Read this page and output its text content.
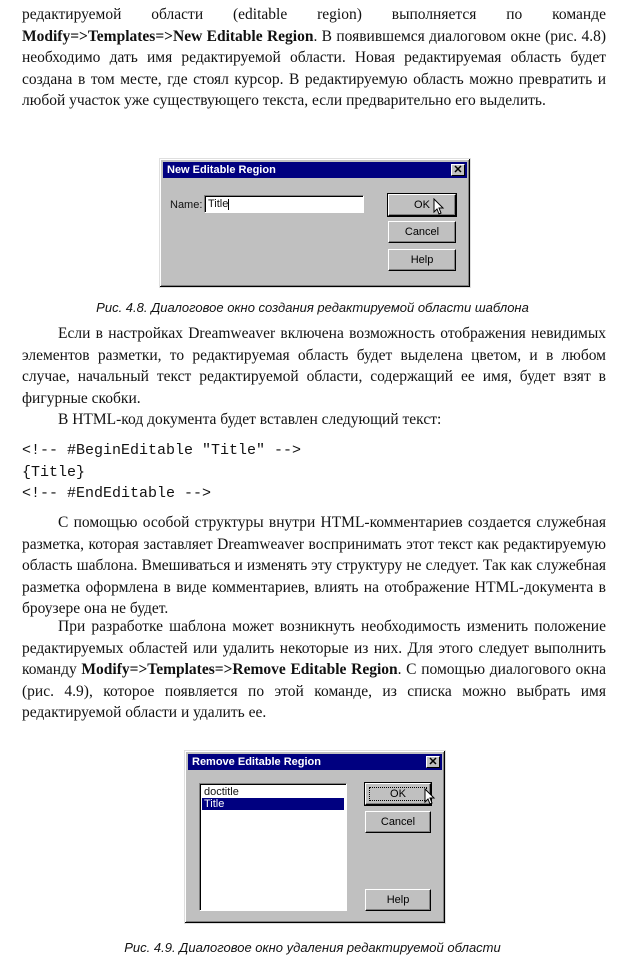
редактируемой области (editable region) выполняется по команде Modify=>Templates=>New Editable Region. В появившемся диалоговом окне (рис. 4.8) необходимо дать имя редактируемой области. Новая редактируемая область будет создана в том месте, где стоял курсор. В редактируемую область можно превратить и любой участок уже существующего текста, если предварительно его выделить.

New Editable Region	✕
Name: Title	OK
Cancel
Help
Рис. 4.8. Диалоговое окно создания редактируемой области шаблона

Если в настройках Dreamweaver включена возможность отображения невидимых элементов разметки, то редактируемая область будет выделена цветом, и в любом случае, начальный текст редактируемой области, содержащий ее имя, будет взят в фигурные скобки.

В HTML-код документа будет вставлен следующий текст:

<!-- #BeginEditable "Title" -->
{Title}
<!-- #EndEditable -->

С помощью особой структуры внутри HTML-комментариев создается служебная разметка, которая заставляет Dreamweaver воспринимать этот текст как редактируемую область шаблона. Вмешиваться и изменять эту структуру не следует. Так как служебная разметка оформлена в виде комментариев, влиять на отображение HTML-документа в броузере она не будет.

При разработке шаблона может возникнуть необходимость изменить положение редактируемых областей или удалить некоторые из них. Для этого следует выполнить команду Modify=>Templates=>Remove Editable Region. С помощью диалогового окна (рис. 4.9), которое появляется по этой команде, из списка можно выбрать имя редактируемой области и удалить ее.

Remove Editable Region	✕
doctitle
Title
OK
Cancel
Help
Рис. 4.9. Диалоговое окно удаления редактируемой области
